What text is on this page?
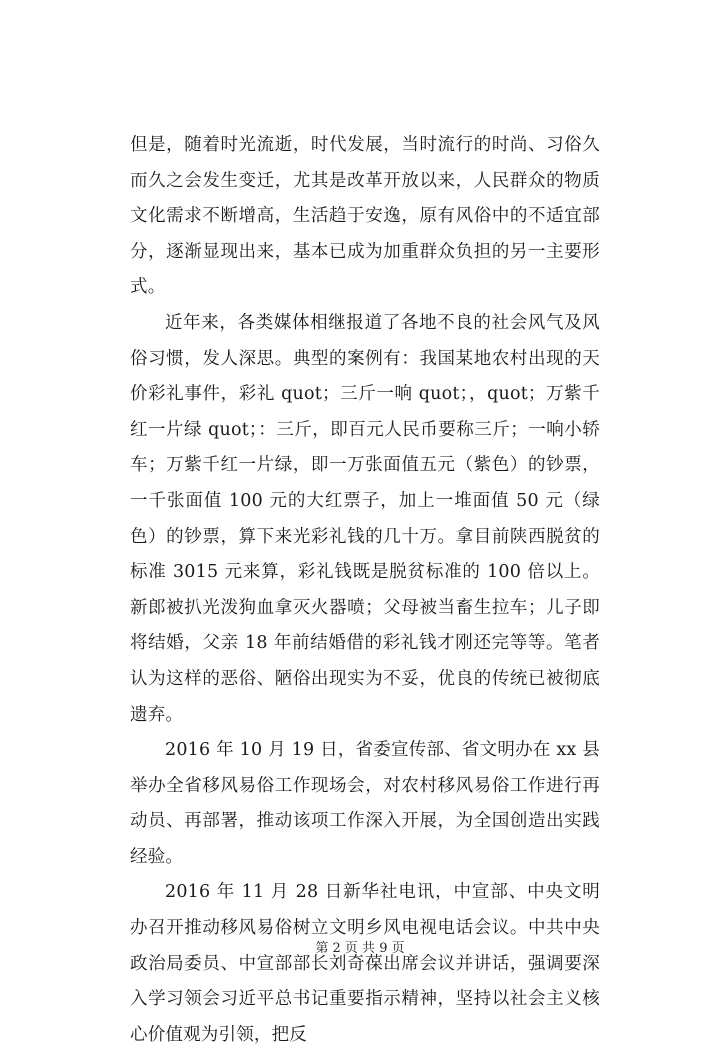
但是，随着时光流逝，时代发展，当时流行的时尚、习俗久而久之会发生变迁，尤其是改革开放以来，人民群众的物质文化需求不断增高，生活趋于安逸，原有风俗中的不适宜部分，逐渐显现出来，基本已成为加重群众负担的另一主要形式。

近年来，各类媒体相继报道了各地不良的社会风气及风俗习惯，发人深思。典型的案例有：我国某地农村出现的天价彩礼事件，彩礼 quot；三斤一响 quot；，quot；万紫千红一片绿 quot；：三斤，即百元人民币要称三斤；一响小轿车；万紫千红一片绿，即一万张面值五元（紫色）的钞票，一千张面值 100 元的大红票子，加上一堆面值 50 元（绿色）的钞票，算下来光彩礼钱的几十万。拿目前陕西脱贫的标准 3015 元来算，彩礼钱既是脱贫标准的 100 倍以上。新郎被扒光泼狗血拿灭火器喷；父母被当畜生拉车；儿子即将结婚，父亲 18 年前结婚借的彩礼钱才刚还完等等。笔者认为这样的恶俗、陋俗出现实为不妥，优良的传统已被彻底遗弃。

2016 年 10 月 19 日，省委宣传部、省文明办在 xx 县举办全省移风易俗工作现场会，对农村移风易俗工作进行再动员、再部署，推动该项工作深入开展，为全国创造出实践经验。

2016 年 11 月 28 日新华社电讯，中宣部、中央文明办召开推动移风易俗树立文明乡风电视电话会议。中共中央政治局委员、中宣部部长刘奇葆出席会议并讲话，强调要深入学习领会习近平总书记重要指示精神，坚持以社会主义核心价值观为引领，把反

第 2 页 共 9 页
